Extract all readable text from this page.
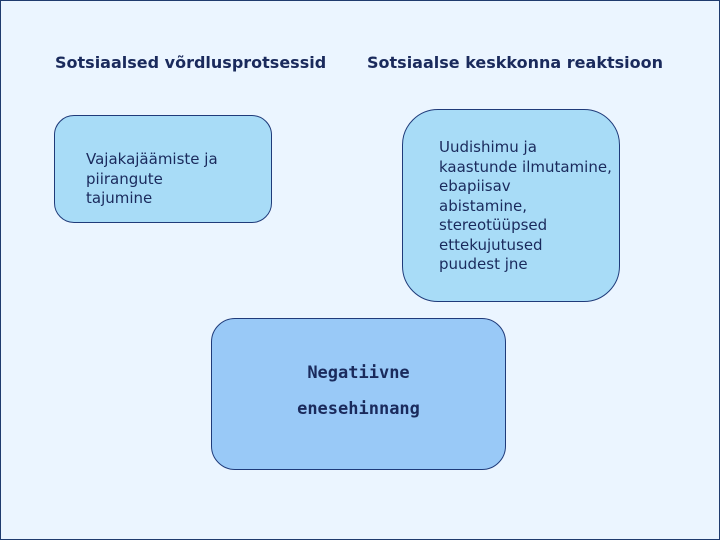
Sotsiaalsed võrdlusprotsessid	Sotsiaalse keskkonna reaktsioon

Vajakajäämiste ja
piirangute
tajumine

Uudishimu ja
kaastunde ilmutamine,
ebapiisav
abistamine,
stereotüüpsed
ettekujutused
puudest jne

Negatiivne
enesehinnang
